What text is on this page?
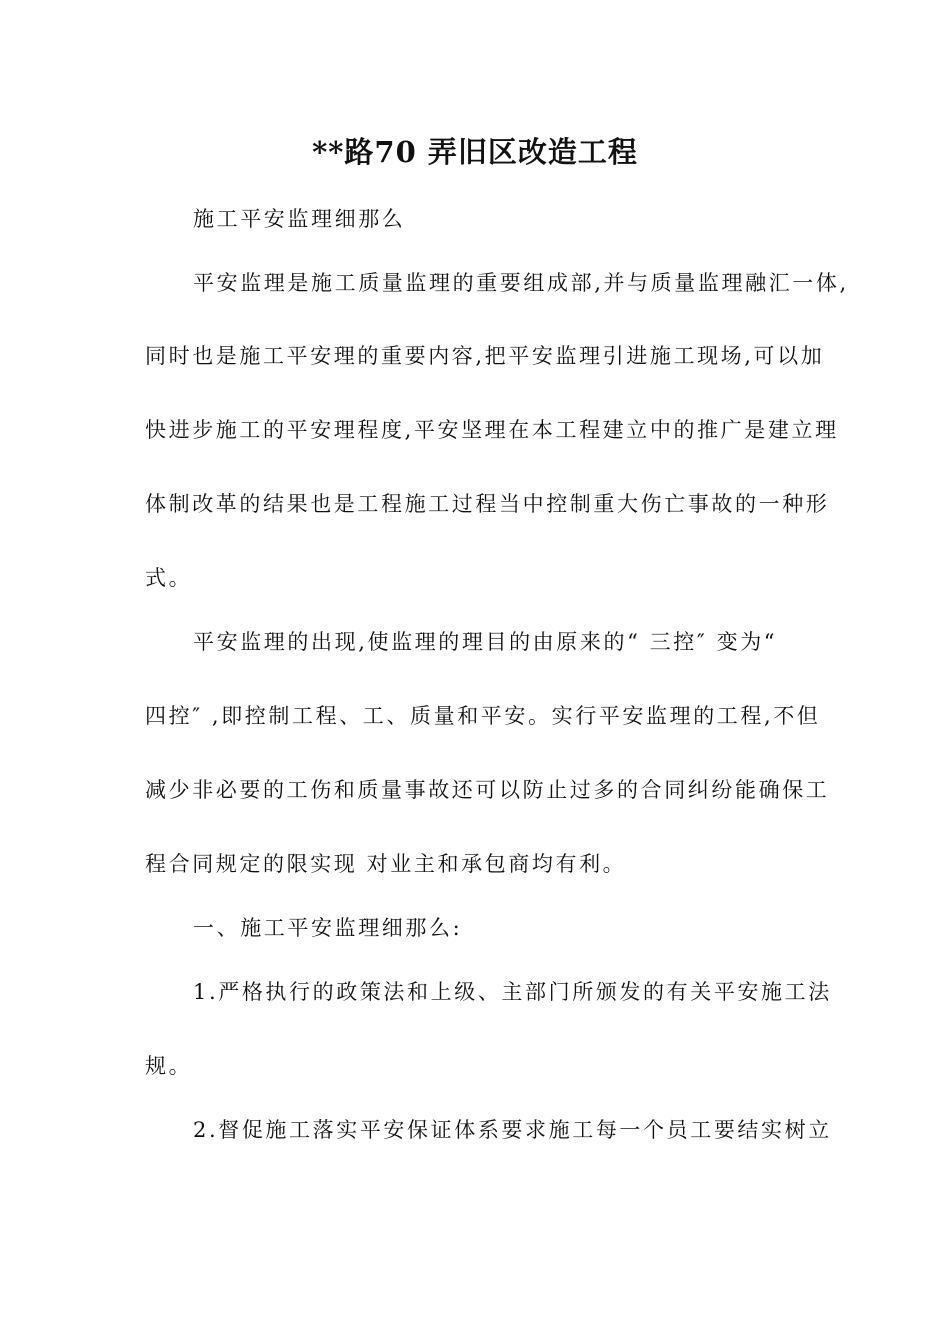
**路70 弄旧区改造工程
施工平安监理细那么
平安监理是施工质量监理的重要组成部,并与质量监理融汇一体,
同时也是施工平安理的重要内容,把平安监理引进施工现场,可以加
快进步施工的平安理程度,平安坚理在本工程建立中的推广是建立理
体制改革的结果也是工程施工过程当中控制重大伤亡事故的一种形
式。
平安监理的出现,使监理的理目的由原来的“ 三控″ 变为“
四控″ ,即控制工程、工、质量和平安。实行平安监理的工程,不但
减少非必要的工伤和质量事故还可以防止过多的合同纠纷能确保工
程合同规定的限实现 对业主和承包商均有利。
一、施工平安监理细那么:
1.严格执行的政策法和上级、主部门所颁发的有关平安施工法
规。
2.督促施工落实平安保证体系要求施工每一个员工要结实树立
